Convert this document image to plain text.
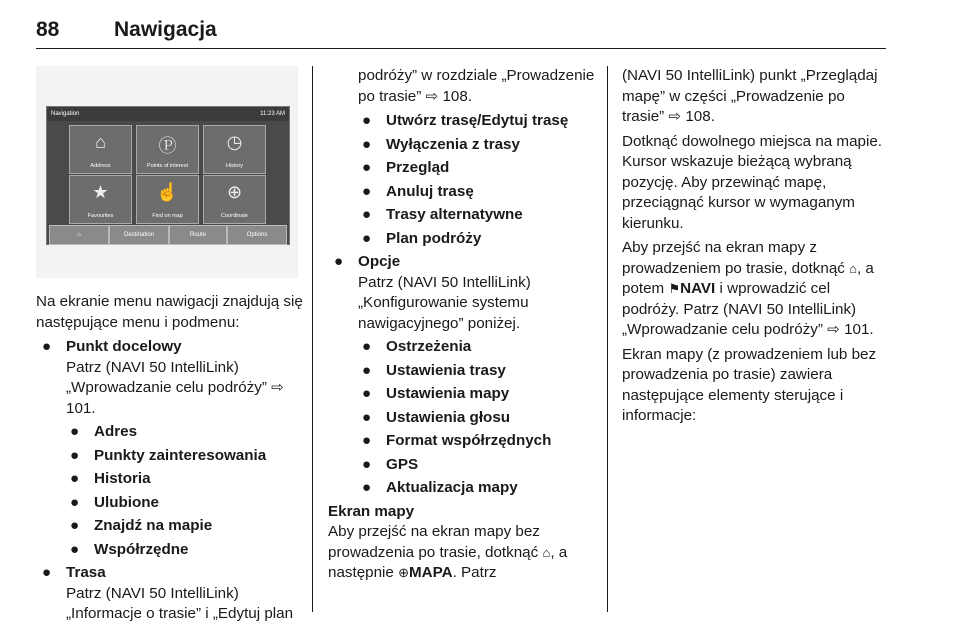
88	Nawigacja
Navigation	11:23 AM
⌂
Address
Ⓟ
Points of interest
◷
History
★
Favourites
☝
Find on map
⊕
Coordinate
⌂	Destination	Route	Options

Na ekranie menu nawigacji znajdują się następujące menu i podmenu:

● Punkt docelowy
Patrz (NAVI 50 IntelliLink) „Wprowadzanie celu podróży” ⇨ 101.
● Adres
● Punkty zainteresowania
● Historia
● Ulubione
● Znajdź na mapie
● Współrzędne
● Trasa
Patrz (NAVI 50 IntelliLink) „Informacje o trasie” i „Edytuj plan
podróży” w rozdziale „Prowadzenie po trasie” ⇨ 108.
● Utwórz trasę/Edytuj trasę
● Wyłączenia z trasy
● Przegląd
● Anuluj trasę
● Trasy alternatywne
● Plan podróży
● Opcje
Patrz (NAVI 50 IntelliLink) „Konfigurowanie systemu nawigacyjnego” poniżej.
● Ostrzeżenia
● Ustawienia trasy
● Ustawienia mapy
● Ustawienia głosu
● Format współrzędnych
● GPS
● Aktualizacja mapy
Ekran mapy
Aby przejść na ekran mapy bez prowadzenia po trasie, dotknąć ⌂, a następnie ⊕MAPA. Patrz

(NAVI 50 IntelliLink) punkt „Przeglądaj mapę” w części „Prowadzenie po trasie” ⇨ 108.

Dotknąć dowolnego miejsca na mapie. Kursor wskazuje bieżącą wybraną pozycję. Aby przewinąć mapę, przeciągnąć kursor w wymaganym kierunku.

Aby przejść na ekran mapy z prowadzeniem po trasie, dotknąć ⌂, a potem ⚑NAVI i wprowadzić cel podróży. Patrz (NAVI 50 IntelliLink) „Wprowadzanie celu podróży” ⇨ 101.

Ekran mapy (z prowadzeniem lub bez prowadzenia po trasie) zawiera następujące elementy sterujące i informacje:
